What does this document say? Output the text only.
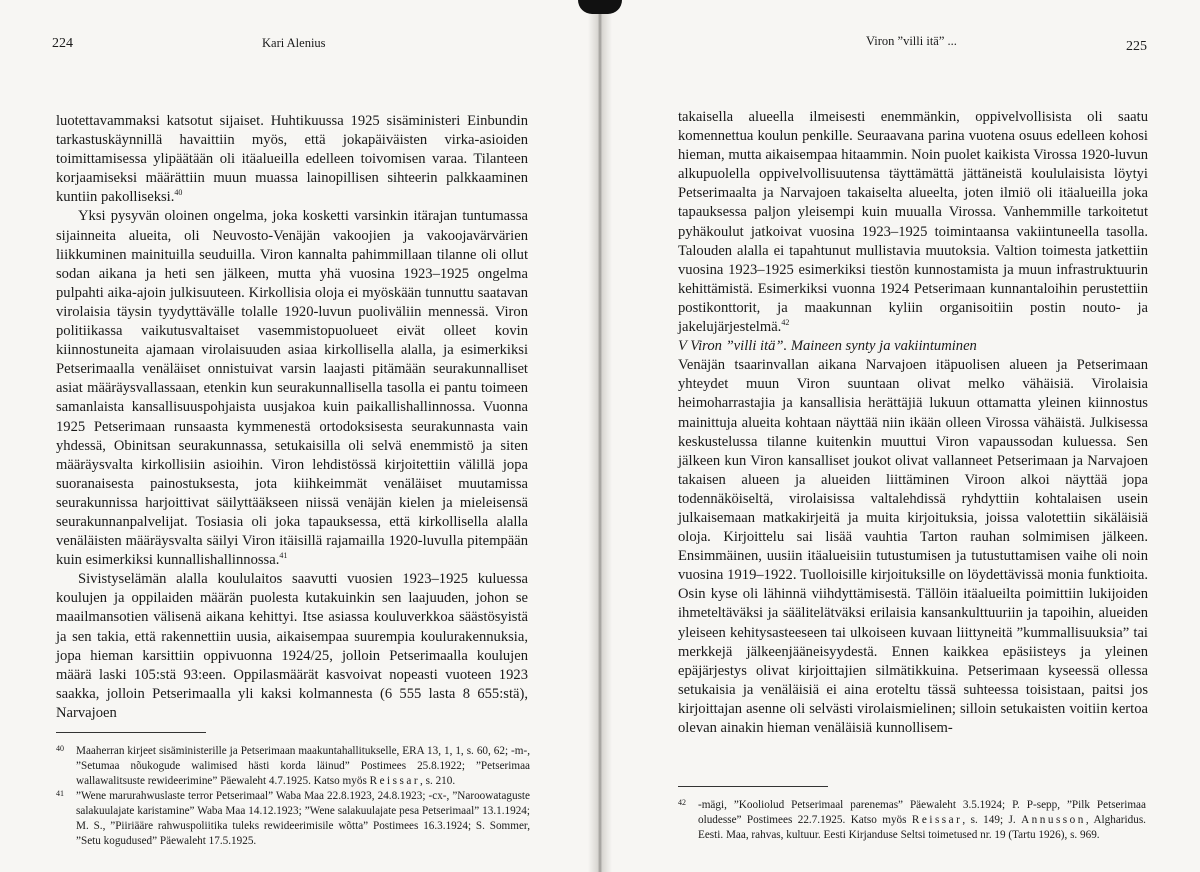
224	Kari Alenius

luotettavammaksi katsotut sijaiset. Huhtikuussa 1925 sisäministeri Einbundin tarkastuskäynnillä havaittiin myös, että jokapäiväisten virka-asioiden toimittamisessa ylipäätään oli itäalueilla edelleen toivomisen varaa. Tilanteen korjaamiseksi määrättiin muun muassa lainopillisen sihteerin palkkaaminen kuntiin pakolliseksi.$^{40}$

Yksi pysyvän oloinen ongelma, joka kosketti varsinkin itärajan tuntumassa sijainneita alueita, oli Neuvosto-Venäjän vakoojien ja vakoojavärvärien liikkuminen mainituilla seuduilla. Viron kannalta pahimmillaan tilanne oli ollut sodan aikana ja heti sen jälkeen, mutta yhä vuosina 1923–1925 ongelma pulpahti aika-ajoin julkisuuteen. Kirkollisia oloja ei myöskään tunnuttu saatavan virolaisia täysin tyydyttävälle tolalle 1920-luvun puoliväliin mennessä. Viron politiikassa vaikutusvaltaiset vasemmistopuolueet eivät olleet kovin kiinnostuneita ajamaan virolaisuuden asiaa kirkollisella alalla, ja esimerkiksi Petserimaalla venäläiset onnistuivat varsin laajasti pitämään seurakunnalliset asiat määräysvallassaan, etenkin kun seurakunnallisella tasolla ei pantu toimeen samanlaista kansallisuuspohjaista uusjakoa kuin paikallishallinnossa. Vuonna 1925 Petserimaan runsaasta kymmenestä ortodoksisesta seurakunnasta vain yhdessä, Obinitsan seurakunnassa, setukaisilla oli selvä enemmistö ja siten määräysvalta kirkollisiin asioihin. Viron lehdistössä kirjoitettiin välillä jopa suoranaisesta painostuksesta, jota kiihkeimmät venäläiset muutamissa seurakunnissa harjoittivat säilyttääkseen niissä venäjän kielen ja mieleisensä seurakunnanpalvelijat. Tosiasia oli joka tapauksessa, että kirkollisella alalla venäläisten määräysvalta säilyi Viron itäisillä rajamailla 1920-luvulla pitempään kuin esimerkiksi kunnallishallinnossa.$^{41}$

Sivistyselämän alalla koululaitos saavutti vuosien 1923–1925 kuluessa koulujen ja oppilaiden määrän puolesta kutakuinkin sen laajuuden, johon se maailmansotien välisenä aikana kehittyi. Itse asiassa kouluverkkoa säästösyistä ja sen takia, että rakennettiin uusia, aikaisempaa suurempia koulurakennuksia, jopa hieman karsittiin oppivuonna 1924/25, jolloin Petserimaalla koulujen määrä laski 105:stä 93:een. Oppilasmäärät kasvoivat nopeasti vuoteen 1923 saakka, jolloin Petserimaalla yli kaksi kolmannesta (6 555 lasta 8 655:stä), Narvajoen

40 Maaherran kirjeet sisäministerille ja Petserimaan maakuntahallitukselle, ERA 13, 1, 1, s. 60, 62; -m-, ”Setumaa nõukogude walimised hästi korda läinud” Postimees 25.8.1922; ”Petserimaa wallawalitsuste rewideerimine” Päewaleht 4.7.1925. Katso myös Reissar, s. 210.
41 ”Wene marurahwuslaste terror Petserimaal” Waba Maa 22.8.1923, 24.8.1923; -cx-, ”Naroowataguste salakuulajate karistamine” Waba Maa 14.12.1923; ”Wene salakuulajate pesa Petserimaal” 13.1.1924; M. S., ”Piiriääre rahwuspoliitika tuleks rewideerimisile wõtta” Postimees 16.3.1924; S. Sommer, ”Setu kogudused” Päewaleht 17.5.1925.
Viron ”villi itä” ...	225

takaisella alueella ilmeisesti enemmänkin, oppivelvollisista oli saatu komennettua koulun penkille. Seuraavana parina vuotena osuus edelleen kohosi hieman, mutta aikaisempaa hitaammin. Noin puolet kaikista Virossa 1920-luvun alkupuolella oppivelvollisuutensa täyttämättä jättäneistä koululaisista löytyi Petserimaalta ja Narvajoen takaiselta alueelta, joten ilmiö oli itäalueilla joka tapauksessa paljon yleisempi kuin muualla Virossa. Vanhemmille tarkoitetut pyhäkoulut jatkoivat vuosina 1923–1925 toimintaansa vakiintuneella tasolla. Talouden alalla ei tapahtunut mullistavia muutoksia. Valtion toimesta jatkettiin vuosina 1923–1925 esimerkiksi tiestön kunnostamista ja muun infrastruktuurin kehittämistä. Esimerkiksi vuonna 1924 Petserimaan kunnantaloihin perustettiin postikonttorit, ja maakunnan kyliin organisoitiin postin nouto- ja jakelujärjestelmä.$^{42}$

V Viron ”villi itä”. Maineen synty ja vakiintuminen

Venäjän tsaarinvallan aikana Narvajoen itäpuolisen alueen ja Petserimaan yhteydet muun Viron suuntaan olivat melko vähäisiä. Virolaisia heimoharrastajia ja kansallisia herättäjiä lukuun ottamatta yleinen kiinnostus mainittuja alueita kohtaan näyttää niin ikään olleen Virossa vähäistä. Julkisessa keskustelussa tilanne kuitenkin muuttui Viron vapaussodan kuluessa. Sen jälkeen kun Viron kansalliset joukot olivat vallanneet Petserimaan ja Narvajoen takaisen alueen ja alueiden liittäminen Viroon alkoi näyttää jopa todennäköiseltä, virolaisissa valtalehdissä ryhdyttiin kohtalaisen usein julkaisemaan matkakirjeitä ja muita kirjoituksia, joissa valotettiin sikäläisiä oloja. Kirjoittelu sai lisää vauhtia Tarton rauhan solmimisen jälkeen. Ensimmäinen, uusiin itäalueisiin tutustumisen ja tutustuttamisen vaihe oli noin vuosina 1919–1922. Tuolloisille kirjoituksille on löydettävissä monia funktioita. Osin kyse oli lähinnä viihdyttämisestä. Tällöin itäalueilta poimittiin lukijoiden ihmeteltäväksi ja säälitelätväksi erilaisia kansankulttuuriin ja tapoihin, alueiden yleiseen kehitysasteeseen tai ulkoiseen kuvaan liittyneitä ”kummallisuuksia” tai merkkejä jälkeenjääneisyydestä. Ennen kaikkea epäsiisteys ja yleinen epäjärjestys olivat kirjoittajien silmätikkuina. Petserimaan kyseessä ollessa setukaisia ja venäläisiä ei aina eroteltu tässä suhteessa toisistaan, paitsi jos kirjoittajan asenne oli selvästi virolaismielinen; silloin setukaisten voitiin kertoa olevan ainakin hieman venäläisiä kunnollisem-

42 -mägi, ”Kooliolud Petserimaal parenemas” Päewaleht 3.5.1924; P. P-sepp, ”Pilk Petserimaa oludesse” Postimees 22.7.1925. Katso myös Reissar, s. 149; J. Annusson, Algharidus. Eesti. Maa, rahvas, kultuur. Eesti Kirjanduse Seltsi toimetused nr. 19 (Tartu 1926), s. 969.
